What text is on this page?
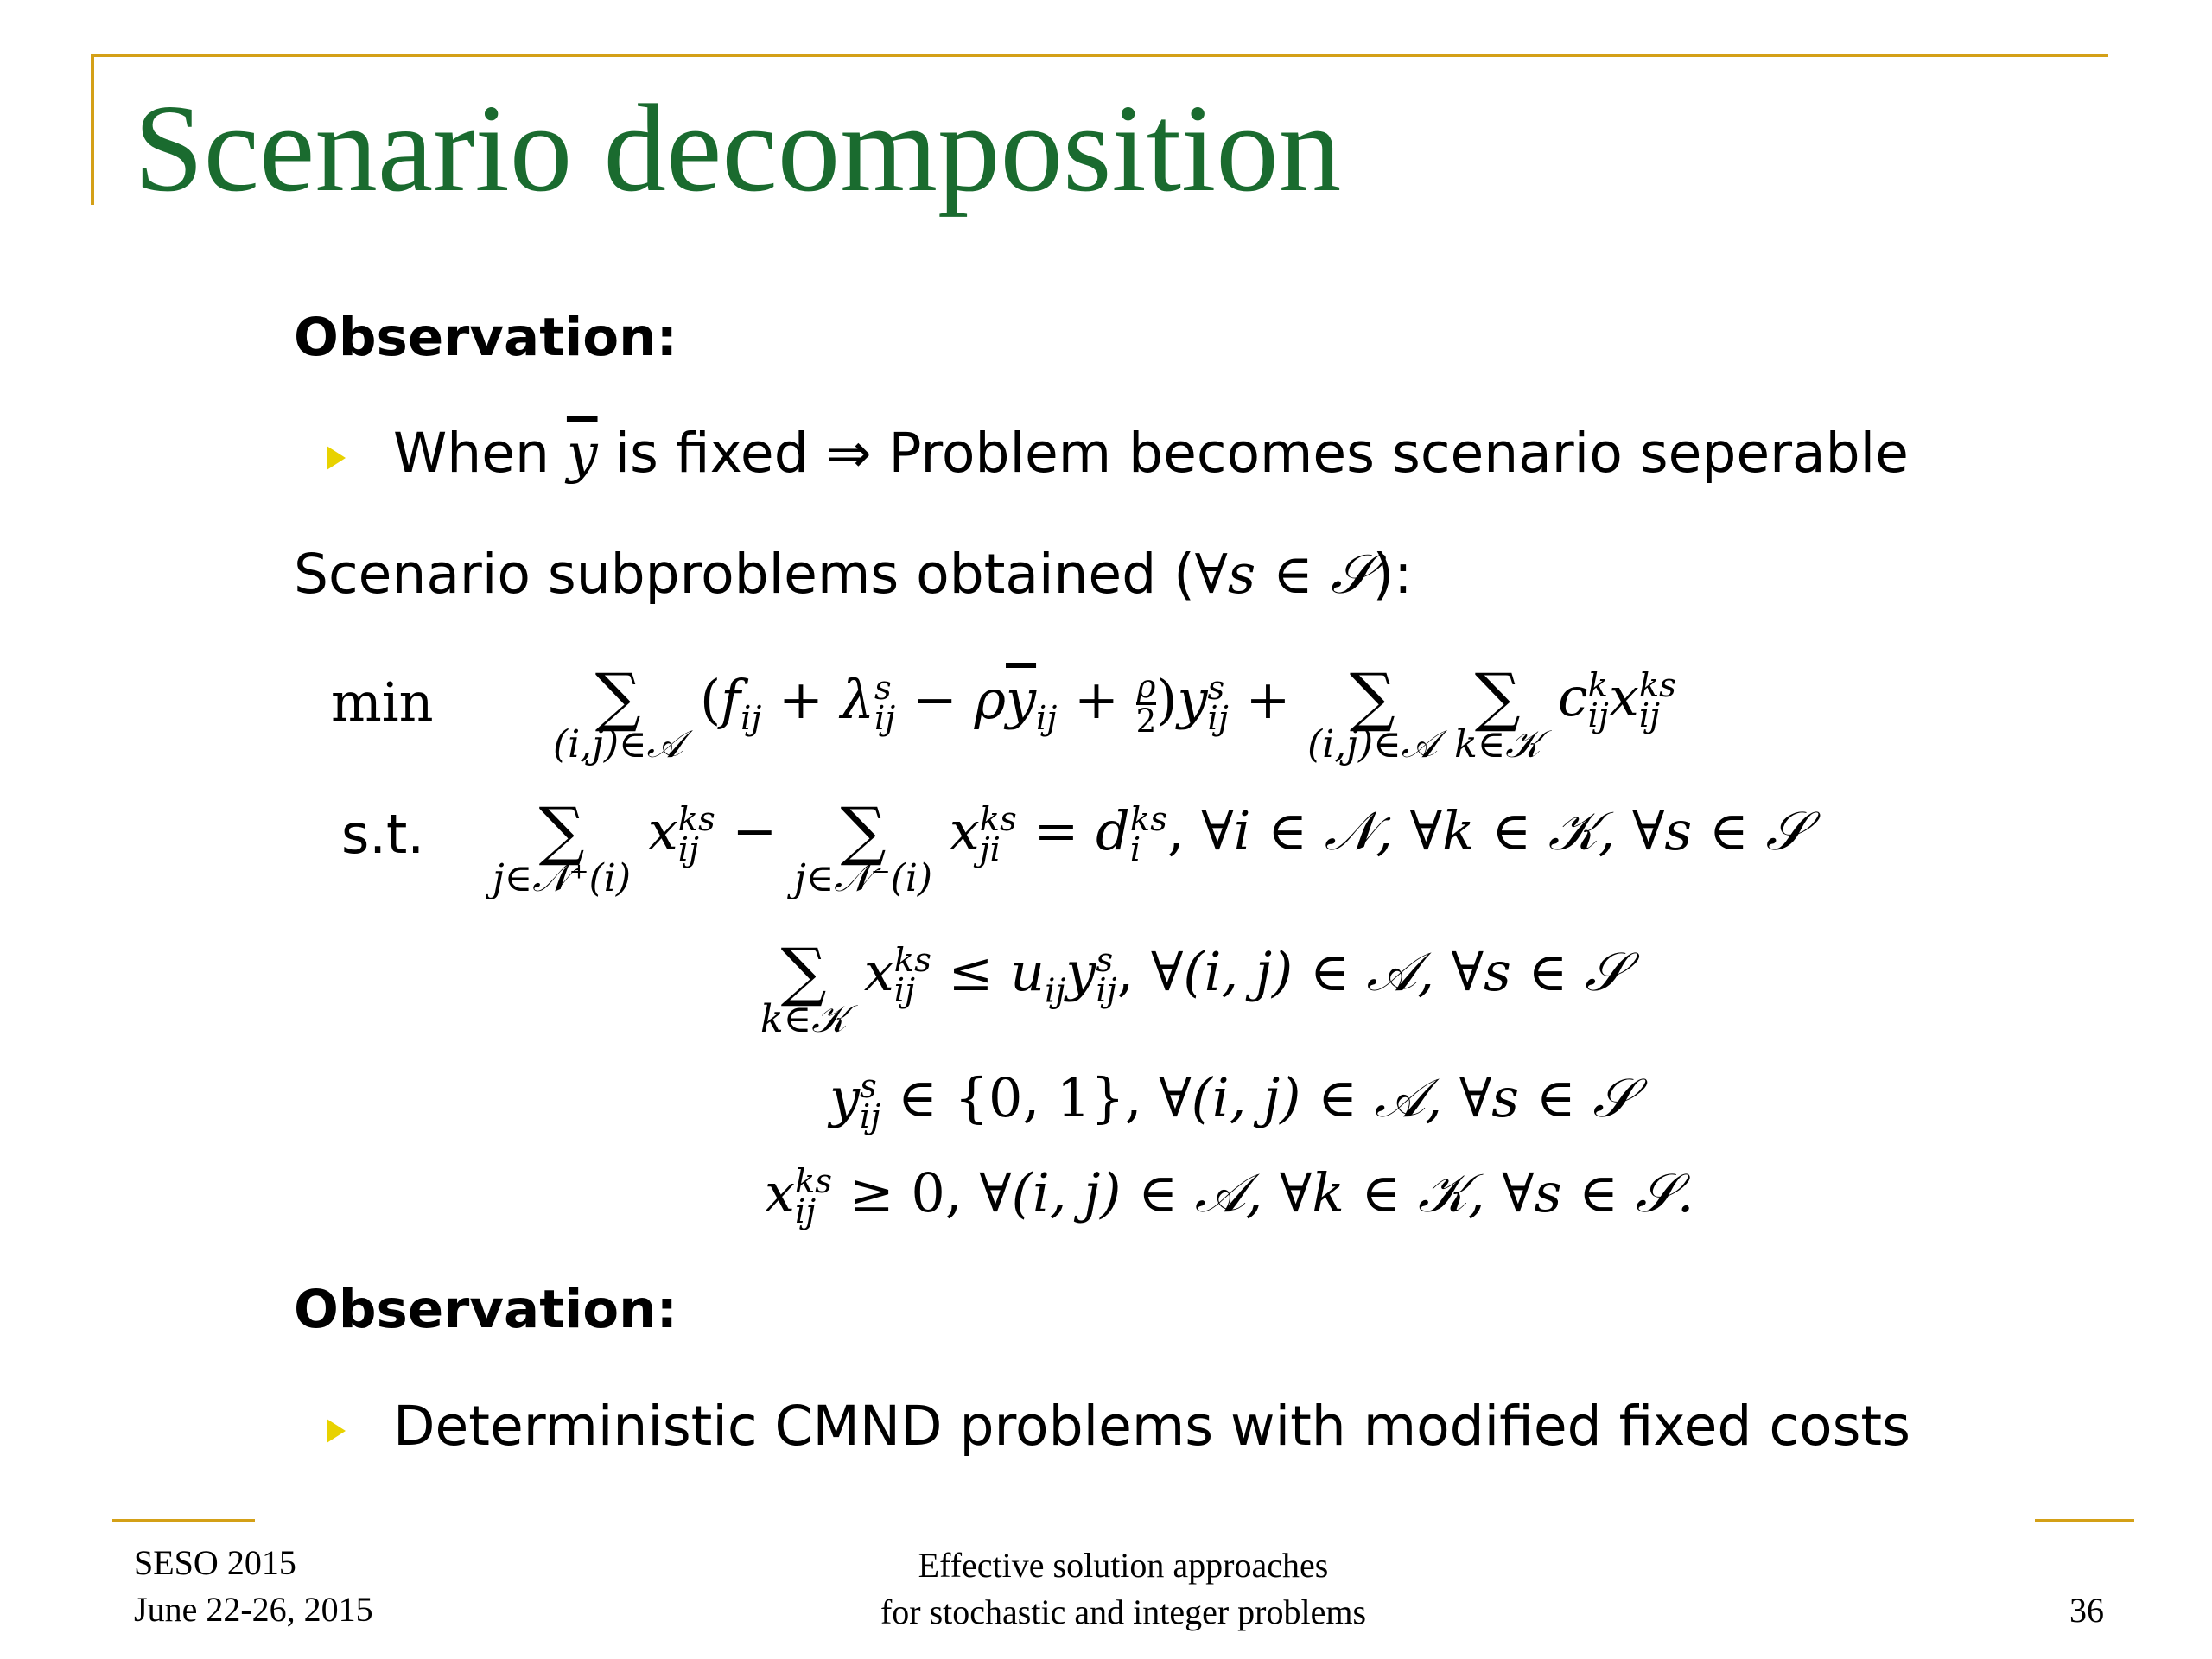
Scenario decomposition
Observation:
When $\overline{y}$ is fixed ⇒ Problem becomes scenario seperable
Scenario subproblems obtained (∀s ∈ 𝒮):
min
s.t.
∑
(i,j)∈𝒜
($f_{ij} + \lambda$ s
ij − $\rho\overline{y}_{ij} + \frac{\rho}{2} )y$ s
ij + ∑
(i,j)∈𝒜

∑
k∈𝒦
c k
ij x ks
ij
∑
j∈𝒩⁺(i)
x ks
ij − ∑
j∈𝒩⁻(i)
x ks
ji = d ks
i , ∀i ∈ 𝒩, ∀k ∈ 𝒦, ∀s ∈ 𝒮
∑
k∈𝒦
x ks
ij ≤ $u_{ij}y$ s
ij , ∀(i, j) ∈ 𝒜, ∀s ∈ 𝒮
y s
ij ∈ {0, 1}, ∀(i, j) ∈ 𝒜, ∀s ∈ 𝒮
x ks
ij ≥ 0, ∀(i, j) ∈ 𝒜, ∀k ∈ 𝒦, ∀s ∈ 𝒮.
Observation:
Deterministic CMND problems with modified fixed costs
SESO 2015
June 22-26, 2015
Effective solution approaches
for stochastic and integer problems	36
